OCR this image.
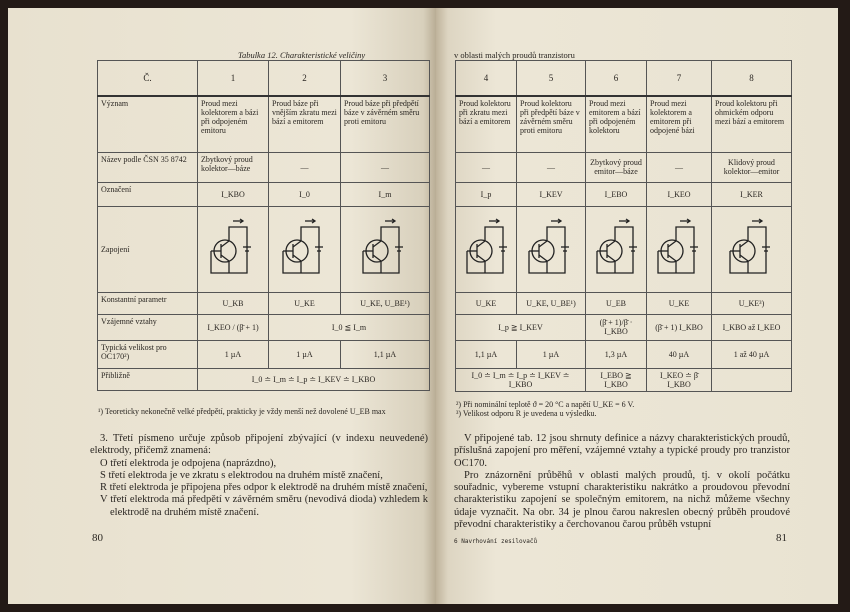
Tabulka 12. Charakteristické veličiny
Č.	1	2	3
Význam	Proud mezi kolektorem a bázi při odpojeném emitoru	Proud báze při vnějším zkratu mezi bází a emitorem	Proud báze při předpětí báze v závěrném směru proti emitoru
Název podle ČSN 35 8742	Zbytkový proud kolektor—báze	—	—
Označení	I_KBO	I_0	I_m
Zapojení			
Konstantní parametr	U_KB	U_KE	U_KE, U_BE¹)
Vzájemné vztahy	I_KEO / (β̄ + 1)	I_0 ≦ I_m	
Typická velikost pro OC170²)	1 µA	1 µA	1,1 µA
Přibližně	I_0 ≐ I_m ≐ I_p ≐ I_KEV ≐ I_KBO		
¹) Teoreticky nekonečně velké předpětí, prakticky je vždy menší než dovolené U_EB max
3. Třetí písmeno určuje způsob připojení zbývající (v indexu neuvedené) elektrody, přičemž znamená:
O třetí elektroda je odpojena (naprázdno),
S třetí elektroda je ve zkratu s elektrodou na druhém místě značení,
R třetí elektroda je připojena přes odpor k elektrodě na druhém místě značení,
V třetí elektroda má předpětí v závěrném směru (nevodivá dioda) vzhledem k elektrodě na druhém místě značení.
80
v oblasti malých proudů tranzistoru
4	5	6	7	8
Proud kolektoru při zkratu mezi bází a emitorem	Proud kolektoru při předpětí báze v závěrném směru proti emitoru	Proud mezi emitorem a bází při odpojeném kolektoru	Proud mezi kolektorem a emitorem při odpojené bázi	Proud kolektoru při ohmickém odporu mezi bází a emitorem
—	—	Zbytkový proud emitor—báze	—	Klidový proud kolektor—emitor
I_p	I_KEV	I_EBO	I_KEO	I_KER

U_KE	U_KE, U_BE¹)	U_EB	U_KE	U_KE³)
I_p ≧ I_KEV		(β̄ + 1)/β̄ · I_KBO	(β̄ + 1) I_KBO	I_KBO až I_KEO
1,1 µA	1 µA	1,3 µA	40 µA	1 až 40 µA
I_0 ≐ I_m ≐ I_p ≐ I_KEV ≐ I_KBO		I_EBO ≧ I_KBO	I_KEO ≐ β̄ I_KBO	
²) Při nominální teplotě ϑ = 20 °C a napětí U_KE = 6 V.
³) Velikost odporu R je uvedena u výsledku.
V připojené tab. 12 jsou shrnuty definice a názvy charakteristických proudů, příslušná zapojení pro měření, vzájemné vztahy a typické proudy pro tranzistor OC170.
Pro znázornění průběhů v oblasti malých proudů, tj. v okolí počátku souřadnic, vybereme vstupní charakteristiku nakrátko a proudovou převodní charakteristiku zapojení se společným emitorem, na nichž můžeme všechny údaje vyznačit. Na obr. 34 je plnou čarou nakreslen obecný průběh proudové převodní charakteristiky a čerchovanou čarou průběh vstupní
6 Navrhování zesilovačů	81
